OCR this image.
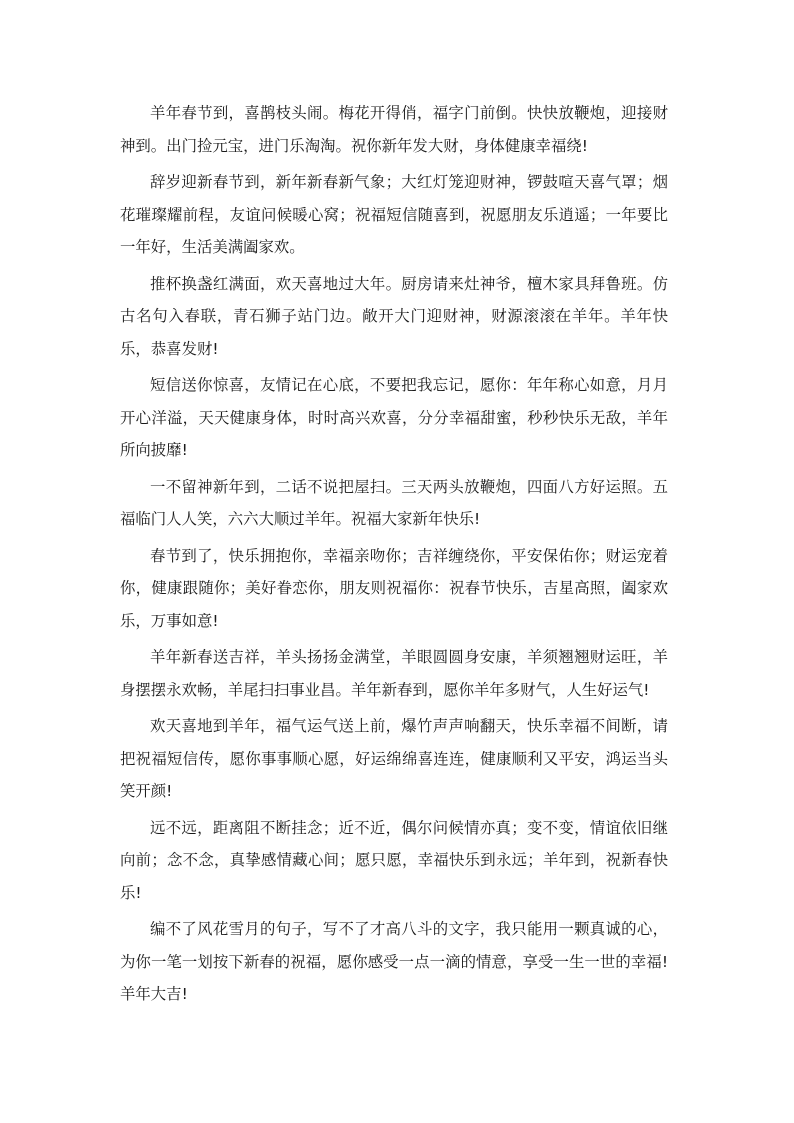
羊年春节到，喜鹊枝头闹。梅花开得俏，福字门前倒。快快放鞭炮，迎接财神到。出门捡元宝，进门乐淘淘。祝你新年发大财，身体健康幸福绕!

辞岁迎新春节到，新年新春新气象；大红灯笼迎财神，锣鼓喧天喜气罩；烟花璀璨耀前程，友谊问候暖心窝；祝福短信随喜到，祝愿朋友乐逍遥；一年要比一年好，生活美满阖家欢。

推杯换盏红满面，欢天喜地过大年。厨房请来灶神爷，檀木家具拜鲁班。仿古名句入春联，青石狮子站门边。敞开大门迎财神，财源滚滚在羊年。羊年快乐，恭喜发财!

短信送你惊喜，友情记在心底，不要把我忘记，愿你：年年称心如意，月月开心洋溢，天天健康身体，时时高兴欢喜，分分幸福甜蜜，秒秒快乐无敌，羊年所向披靡!

一不留神新年到，二话不说把屋扫。三天两头放鞭炮，四面八方好运照。五福临门人人笑，六六大顺过羊年。祝福大家新年快乐!

春节到了，快乐拥抱你，幸福亲吻你；吉祥缠绕你，平安保佑你；财运宠着你，健康跟随你；美好眷恋你，朋友则祝福你：祝春节快乐，吉星高照，阖家欢乐，万事如意!

羊年新春送吉祥，羊头扬扬金满堂，羊眼圆圆身安康，羊须翘翘财运旺，羊身摆摆永欢畅，羊尾扫扫事业昌。羊年新春到，愿你羊年多财气，人生好运气!

欢天喜地到羊年，福气运气送上前，爆竹声声响翻天，快乐幸福不间断，请把祝福短信传，愿你事事顺心愿，好运绵绵喜连连，健康顺利又平安，鸿运当头笑开颜!

远不远，距离阻不断挂念；近不近，偶尔问候情亦真；变不变，情谊依旧继向前；念不念，真挚感情藏心间；愿只愿，幸福快乐到永远；羊年到，祝新春快乐!

编不了风花雪月的句子，写不了才高八斗的文字，我只能用一颗真诚的心，为你一笔一划按下新春的祝福，愿你感受一点一滴的情意，享受一生一世的幸福! 羊年大吉!
